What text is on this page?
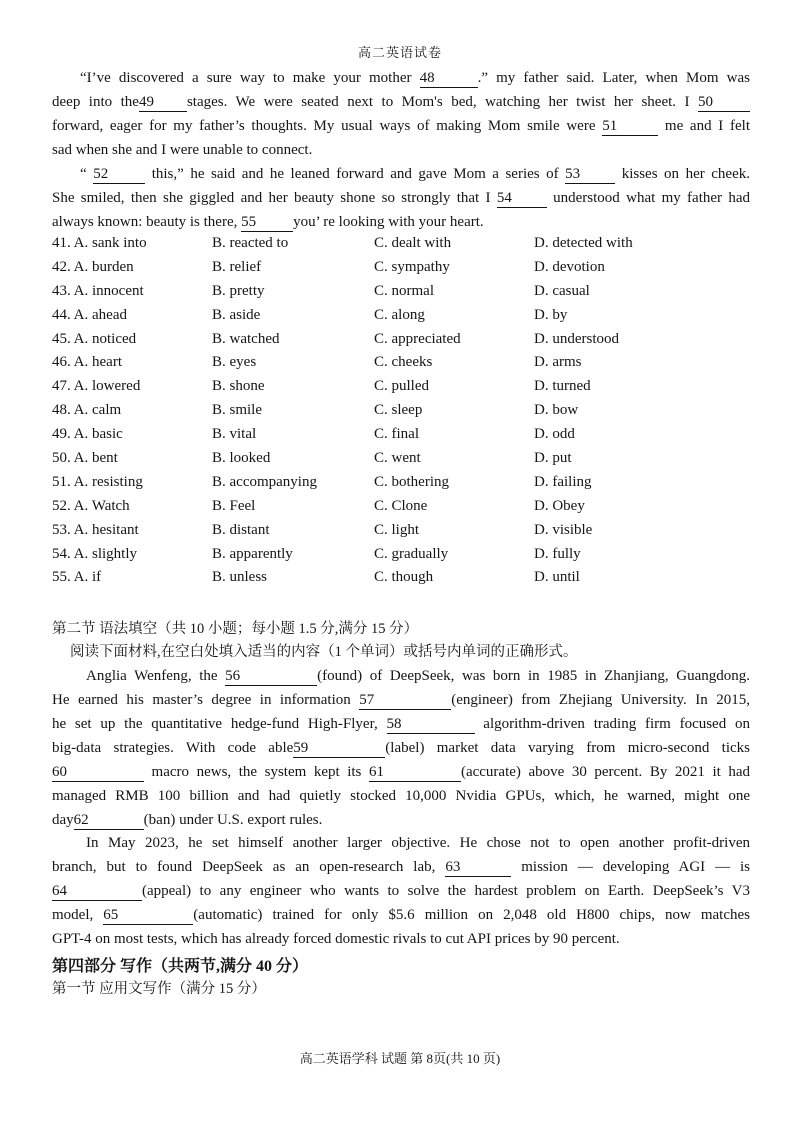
高二英语试卷
“I’ve discovered a sure way to make your mother 48	.” my father said. Later, when Mom was
deep into the49 stages. We were seated next to Mom's bed, watching her twist her sheet. I 50
forward, eager for my father’s thoughts. My usual ways of making Mom smile were 51	me and I felt
sad when she and I were unable to connect.
“ 52 this,” he said and he leaned forward and gave Mom a series of 53 kisses on her cheek.
She smiled, then she giggled and her beauty shone so strongly that I 54 understood what my father had
always known: beauty is there, 55 you’ re looking with your heart.
41. A. sank into	B. reacted to	C. dealt with	D. detected with
42. A. burden	B. relief	C. sympathy	D. devotion
43. A. innocent	B. pretty	C. normal	D. casual
44. A. ahead	B. aside	C. along	D. by
45. A. noticed	B. watched	C. appreciated	D. understood
46. A. heart	B. eyes	C. cheeks	D. arms
47. A. lowered	B. shone	C. pulled	D. turned
48. A. calm	B. smile	C. sleep	D. bow
49. A. basic	B. vital	C. final	D. odd
50. A. bent	B. looked	C. went	D. put
51. A. resisting	B. accompanying	C. bothering	D. failing
52. A. Watch	B. Feel	C. Clone	D. Obey
53. A. hesitant	B. distant	C. light	D. visible
54. A. slightly	B. apparently	C. gradually	D. fully
55. A. if	B. unless	C. though	D. until
第二节 语法填空（共 10 小题；每小题 1.5 分,满分 15 分）
阅读下面材料,在空白处填入适当的内容（1 个单词）或括号内单词的正确形式。
Anglia Wenfeng, the 56	(found) of DeepSeek, was born in 1985 in Zhanjiang, Guangdong.
He earned his master’s degree in information 57	(engineer) from Zhejiang University. In 2015,
he set up the quantitative hedge-fund High-Flyer, 58	algorithm-driven trading firm focused on
big-data strategies. With code able59	(label) market data varying from micro-second ticks
60	macro news, the system kept its 61	(accurate) above 30 percent. By 2021 it had
managed RMB 100 billion and had quietly stocked 10,000 Nvidia GPUs, which, he warned, might one
day62	(ban) under U.S. export rules.
In May 2023, he set himself another larger objective. He chose not to open another profit-driven
branch, but to found DeepSeek as an open-research lab, 63	mission — developing AGI — is
64	(appeal) to any engineer who wants to solve the hardest problem on Earth. DeepSeek’s V3
model, 65	(automatic) trained for only $5.6 million on 2,048 old H800 chips, now matches
GPT-4 on most tests, which has already forced domestic rivals to cut API prices by 90 percent.
第四部分 写作（共两节,满分 40 分）
第一节 应用文写作（满分 15 分）
高二英语学科 试题 第 8页(共 10 页)
